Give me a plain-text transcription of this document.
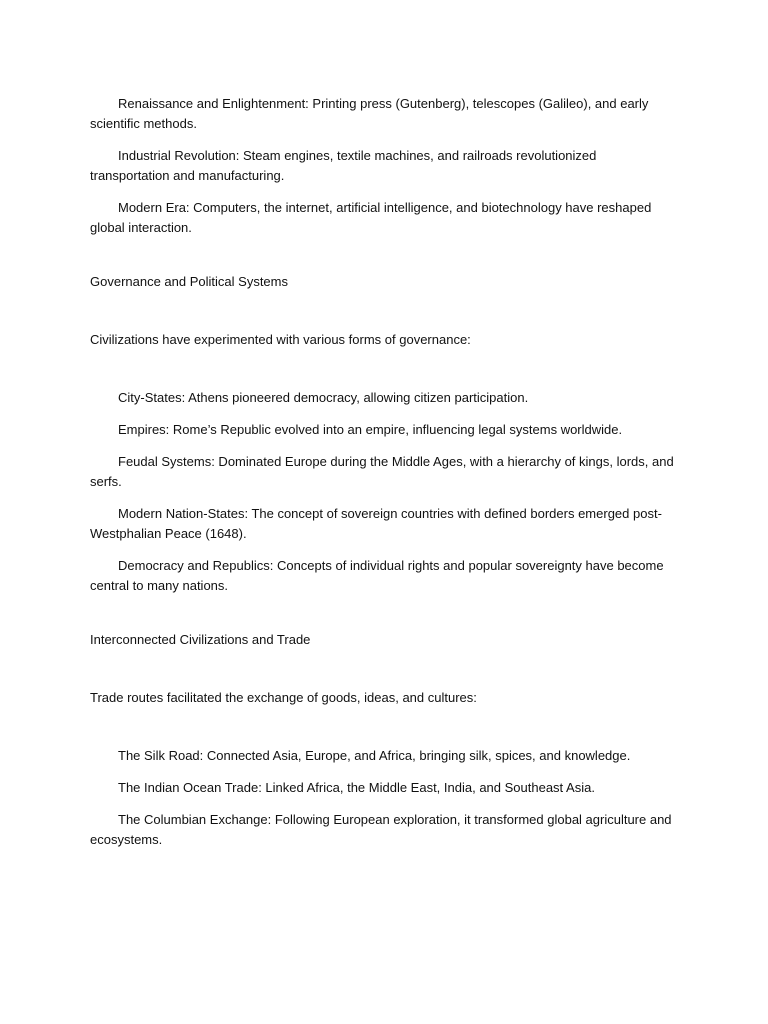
Renaissance and Enlightenment: Printing press (Gutenberg), telescopes (Galileo), and early scientific methods.

Industrial Revolution: Steam engines, textile machines, and railroads revolutionized transportation and manufacturing.

Modern Era: Computers, the internet, artificial intelligence, and biotechnology have reshaped global interaction.

Governance and Political Systems

Civilizations have experimented with various forms of governance:

City-States: Athens pioneered democracy, allowing citizen participation.

Empires: Rome’s Republic evolved into an empire, influencing legal systems worldwide.

Feudal Systems: Dominated Europe during the Middle Ages, with a hierarchy of kings, lords, and serfs.

Modern Nation-States: The concept of sovereign countries with defined borders emerged post-Westphalian Peace (1648).

Democracy and Republics: Concepts of individual rights and popular sovereignty have become central to many nations.

Interconnected Civilizations and Trade

Trade routes facilitated the exchange of goods, ideas, and cultures:

The Silk Road: Connected Asia, Europe, and Africa, bringing silk, spices, and knowledge.

The Indian Ocean Trade: Linked Africa, the Middle East, India, and Southeast Asia.

The Columbian Exchange: Following European exploration, it transformed global agriculture and ecosystems.
